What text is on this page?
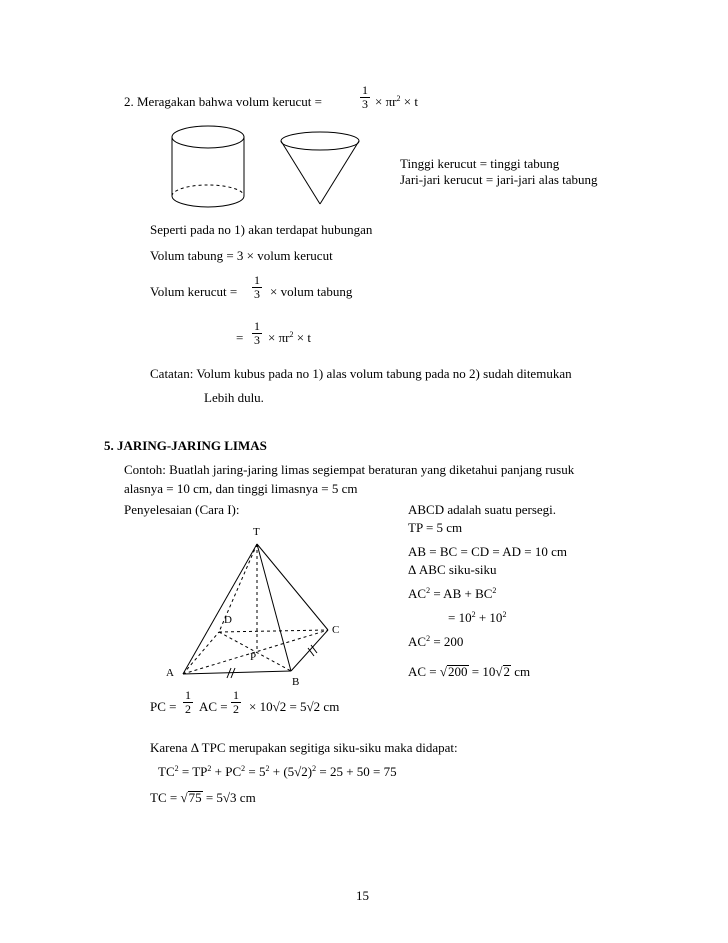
2. Meragakan bahwa volum kerucut =
1
$3 \times \pi r^2 \times t$
Tinggi kerucut = tinggi tabung
Jari-jari kerucut = jari-jari alas tabung
Seperti pada no 1) akan terdapat hubungan
Volum tabung = 3 × volum kerucut
Volum kerucut =
1
3 × volum tabung
=
1
$3 \times \pi r^2 \times t$
Catatan: Volum kubus pada no 1) alas volum tabung pada no 2) sudah ditemukan
Lebih dulu.
5. JARING-JARING LIMAS
Contoh: Buatlah jaring-jaring limas segiempat beraturan yang diketahui panjang rusuk
alasnya = 10 cm, dan tinggi limasnya = 5 cm
Penyelesaian (Cara I):	ABCD adalah suatu persegi.
TP = 5 cm
AB = BC = CD = AD = 10 cm
Δ ABC siku-siku
$AC^2$ = AB + $BC^2$
= $10^2 + 10^2$
$AC^2 = 200$
AC = √200 = 10√2 cm
T
D
C
P
A
B
PC =
1
2 AC =
1
2 × 10√2 = 5√2 cm
Karena Δ TPC merupakan segitiga siku-siku maka didapat:
$TC^2 = TP^2 + PC^2 = 5^2 + (5√2)^2 = 25 + 50 = 75$
TC = √75 = 5√3 cm
15
